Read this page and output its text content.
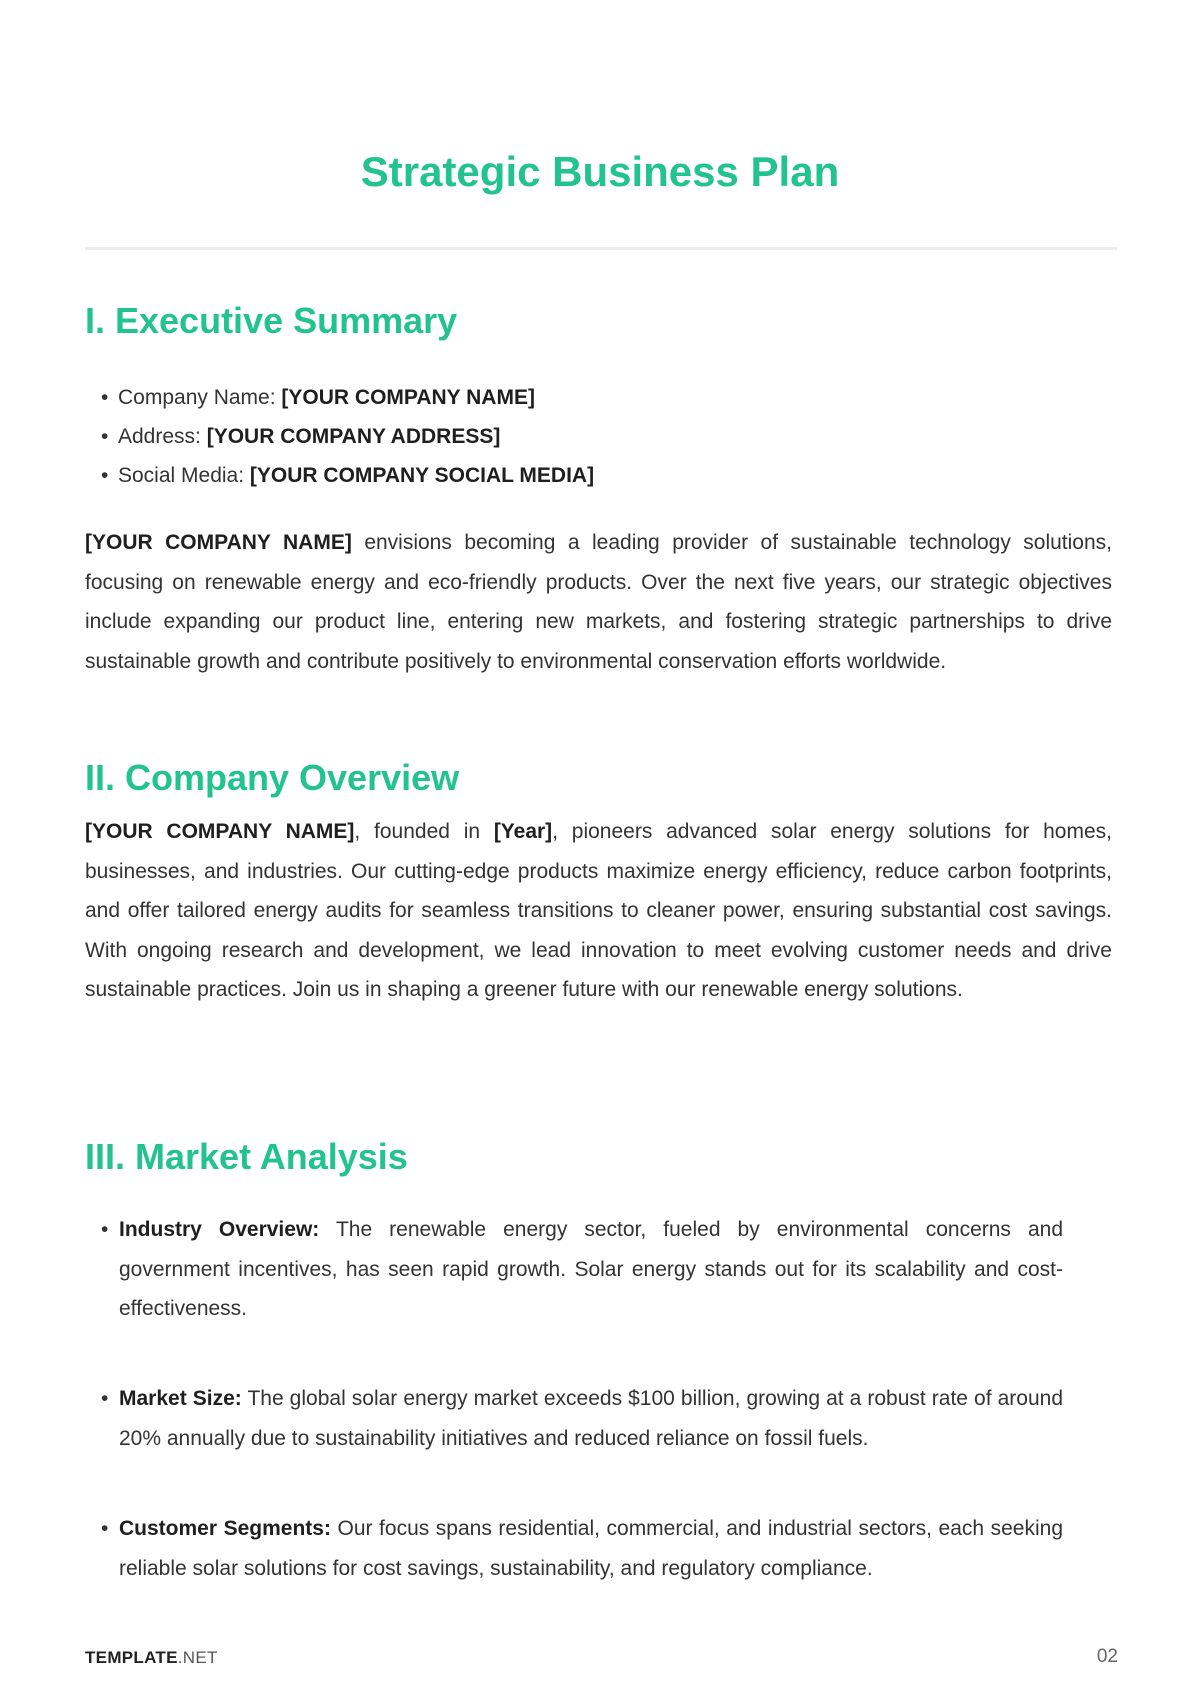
Strategic Business Plan
I. Executive Summary
• Company Name: [YOUR COMPANY NAME]
• Address: [YOUR COMPANY ADDRESS]
• Social Media: [YOUR COMPANY SOCIAL MEDIA]

[YOUR COMPANY NAME] envisions becoming a leading provider of sustainable technology solutions, focusing on renewable energy and eco-friendly products. Over the next five years, our strategic objectives include expanding our product line, entering new markets, and fostering strategic partnerships to drive sustainable growth and contribute positively to environmental conservation efforts worldwide.

II. Company Overview

[YOUR COMPANY NAME], founded in [Year], pioneers advanced solar energy solutions for homes, businesses, and industries. Our cutting-edge products maximize energy efficiency, reduce carbon footprints, and offer tailored energy audits for seamless transitions to cleaner power, ensuring substantial cost savings. With ongoing research and development, we lead innovation to meet evolving customer needs and drive sustainable practices. Join us in shaping a greener future with our renewable energy solutions.

III. Market Analysis
• Industry Overview: The renewable energy sector, fueled by environmental concerns and government incentives, has seen rapid growth. Solar energy stands out for its scalability and cost-effectiveness.
• Market Size: The global solar energy market exceeds $100 billion, growing at a robust rate of around 20% annually due to sustainability initiatives and reduced reliance on fossil fuels.
• Customer Segments: Our focus spans residential, commercial, and industrial sectors, each seeking reliable solar solutions for cost savings, sustainability, and regulatory compliance.
TEMPLATE.NET	02
